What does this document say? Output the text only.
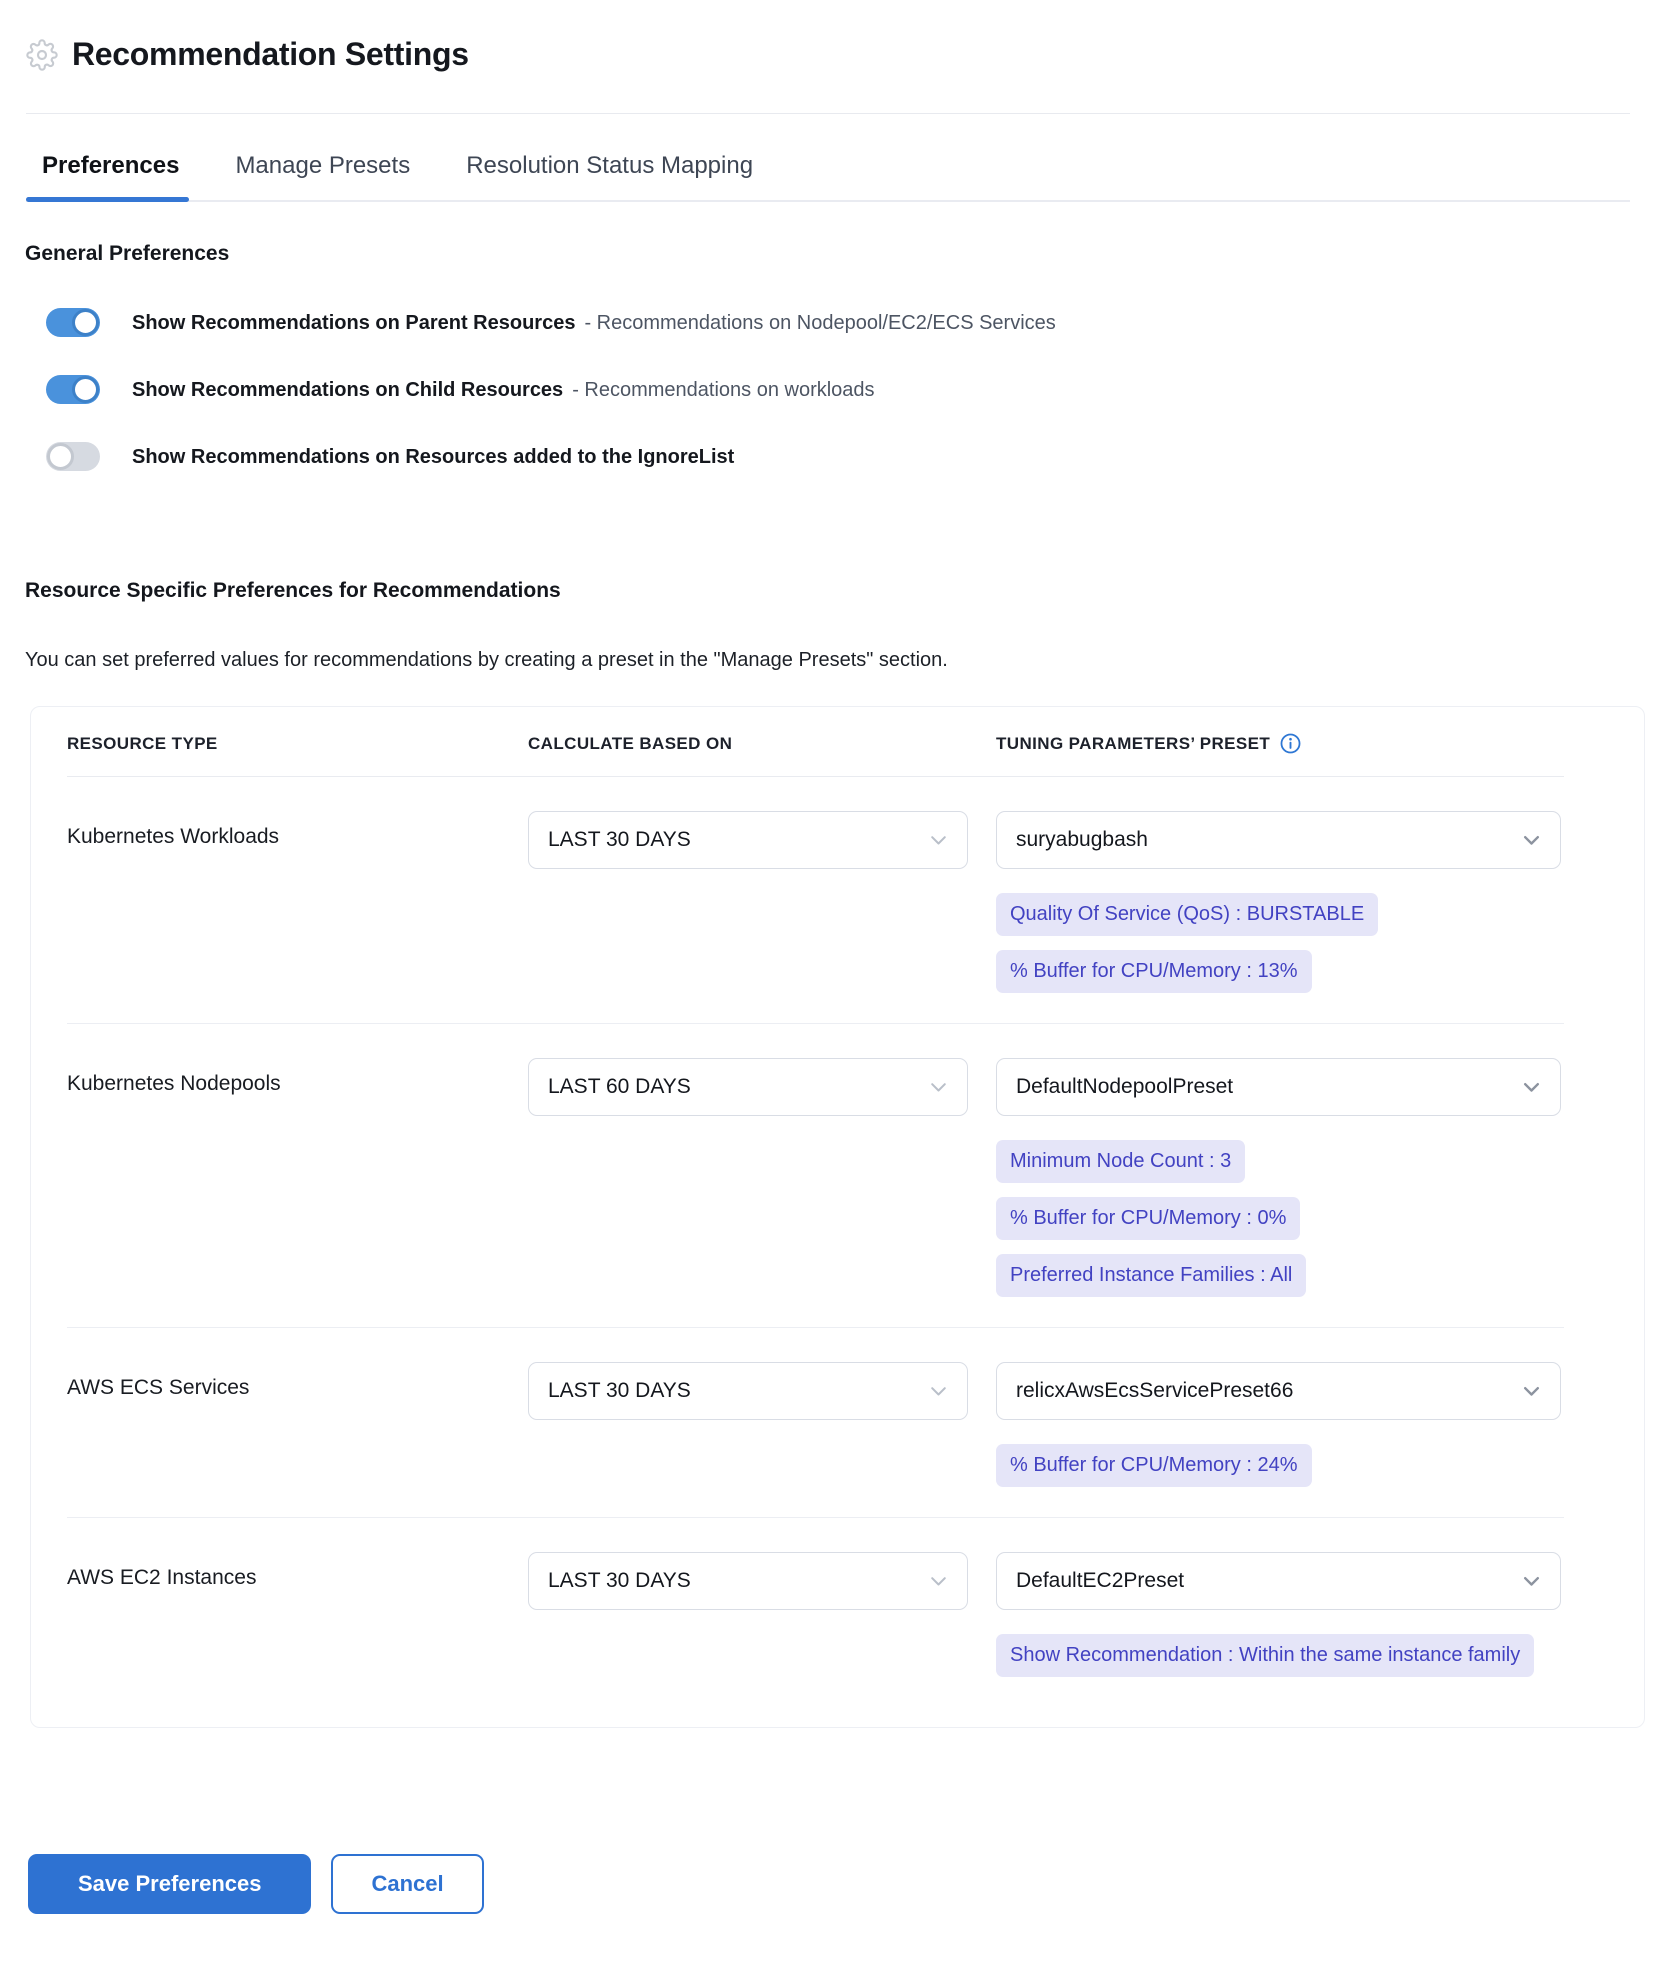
Recommendation Settings
Preferences	Manage Presets	Resolution Status Mapping
General Preferences
Show Recommendations on Parent Resources - Recommendations on Nodepool/EC2/ECS Services
Show Recommendations on Child Resources - Recommendations on workloads
Show Recommendations on Resources added to the IgnoreList
Resource Specific Preferences for Recommendations

You can set preferred values for recommendations by creating a preset in the "Manage Presets" section.

RESOURCE TYPE	CALCULATE BASED ON	TUNING PARAMETERS’ PRESET
Kubernetes Workloads	LAST 30 DAYS	suryabugbash
Quality Of Service (QoS) : BURSTABLE
% Buffer for CPU/Memory : 13%
Kubernetes Nodepools	LAST 60 DAYS	DefaultNodepoolPreset
Minimum Node Count : 3
% Buffer for CPU/Memory : 0%
Preferred Instance Families : All
AWS ECS Services	LAST 30 DAYS	relicxAwsEcsServicePreset66
% Buffer for CPU/Memory : 24%
AWS EC2 Instances	LAST 30 DAYS	DefaultEC2Preset
Show Recommendation : Within the same instance family
Save Preferences	Cancel
